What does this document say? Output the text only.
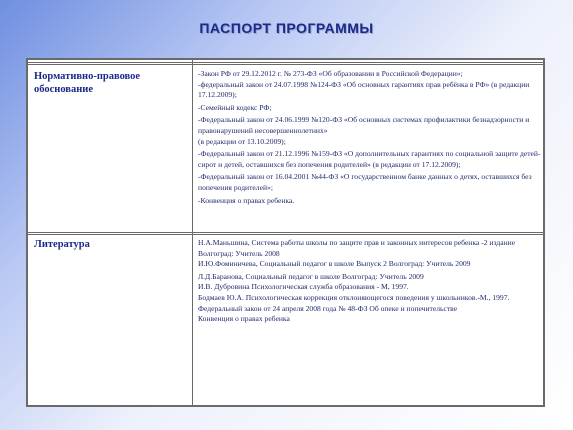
ПАСПОРТ ПРОГРАММЫ
Нормативно-правовое обоснование

-Закон РФ от 29.12.2012 г. № 273-ФЗ «Об образовании в Российской Федерации»;

-федеральный закон от 24.07.1998 №124-ФЗ «Об основных гарантиях прав ребёнка в РФ» (в редакции 17.12.2009);

-Семейный кодекс РФ;

-Федеральный закон от 24.06.1999 №120-ФЗ «Об основных системах профилактики безнадзорности и правонарушений несовершеннолетних»

(в редакции от 13.10.2009);

-Федеральный закон от 21.12.1996 №159-ФЗ «О дополнительных гарантиях по социальной защите детей-сирот и детей, оставшихся без попечения родителей» (в редакции от 17.12.2009);

-Федеральный закон от 16.04.2001 №44-ФЗ «О государственном банке данных о детях, оставшихся без попечения родителей»;

-Конвенция о правах ребенка.

Литература	Н.А.Маньшина, Система работы школы по защите прав и законных интересов ребенка -2 издание Волгоград: Учитель 2008

И.Ю.Фоминичева, Социальный педагог в школе Выпуск 2 Волгоград: Учитель 2009

Л.Д.Баранова, Социальный педагог в школе Волгоград: Учитель 2009

И.В. Дубровина Психологическая служба образования - М, 1997.

Бодмаев Ю.А. Психологическая коррекция отклоняющегося поведения у школьников.-М., 1997.

Федеральный закон от 24 апреля 2008 года № 48-ФЗ Об опеке и попечительстве

Конвенция о правах ребенка
